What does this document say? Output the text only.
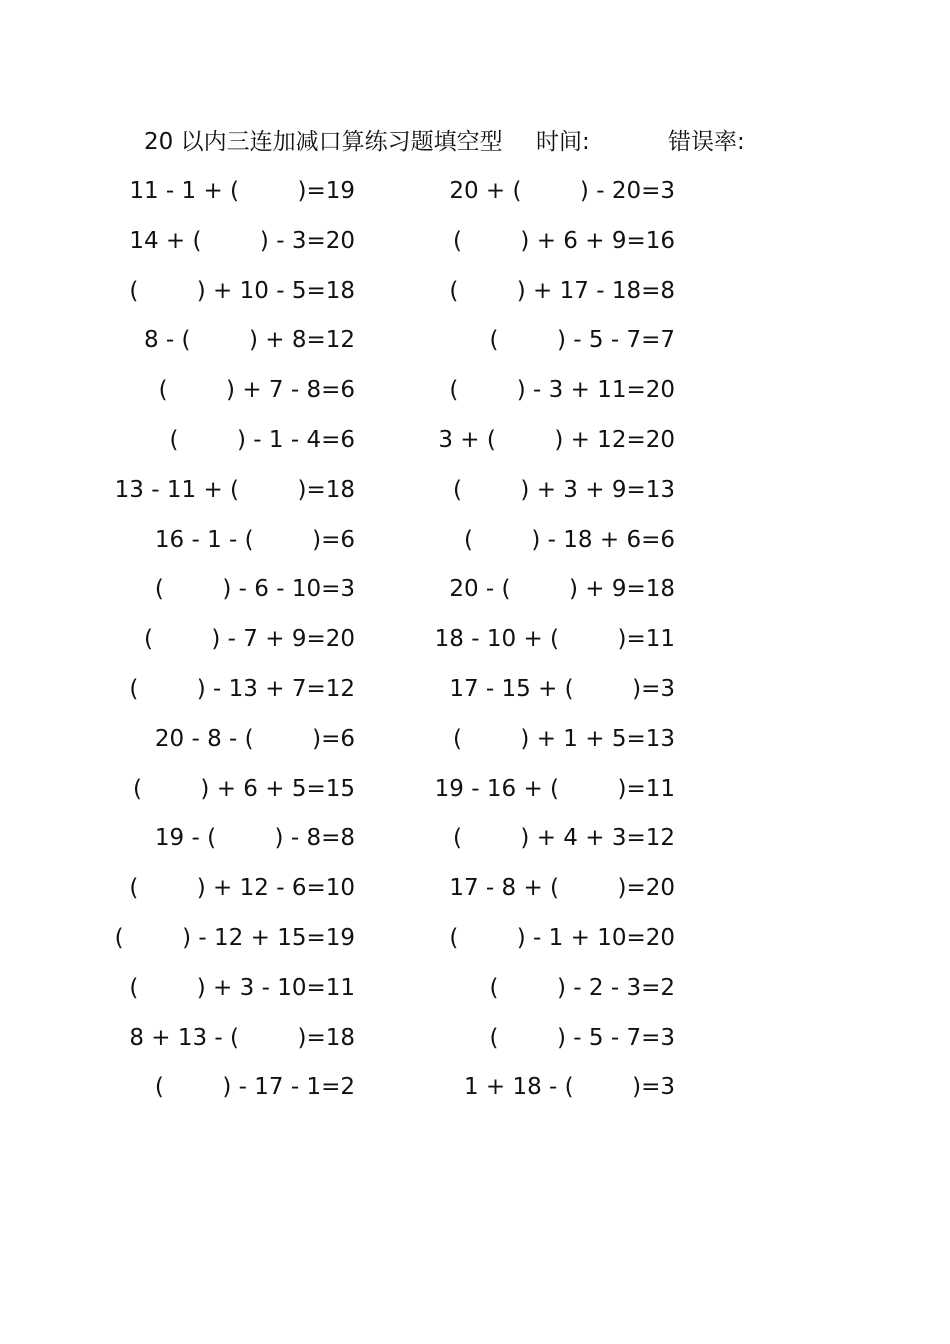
20 以内三连加减口算练习题填空型 时间:	错误率:
11 - 1 + (        )=19
14 + (        ) - 3=20
(        ) + 10 - 5=18
8 - (        ) + 8=12
(        ) + 7 - 8=6
(        ) - 1 - 4=6
13 - 11 + (        )=18
16 - 1 - (        )=6
(        ) - 6 - 10=3
(        ) - 7 + 9=20
(        ) - 13 + 7=12
20 - 8 - (        )=6
(        ) + 6 + 5=15
19 - (        ) - 8=8
(        ) + 12 - 6=10
(        ) - 12 + 15=19
(        ) + 3 - 10=11
8 + 13 - (        )=18
(        ) - 17 - 1=2
20 + (        ) - 20=3
(        ) + 6 + 9=16
(        ) + 17 - 18=8
(        ) - 5 - 7=7
(        ) - 3 + 11=20
3 + (        ) + 12=20
(        ) + 3 + 9=13
(        ) - 18 + 6=6
20 - (        ) + 9=18
18 - 10 + (        )=11
17 - 15 + (        )=3
(        ) + 1 + 5=13
19 - 16 + (        )=11
(        ) + 4 + 3=12
17 - 8 + (        )=20
(        ) - 1 + 10=20
(        ) - 2 - 3=2
(        ) - 5 - 7=3
1 + 18 - (        )=3
